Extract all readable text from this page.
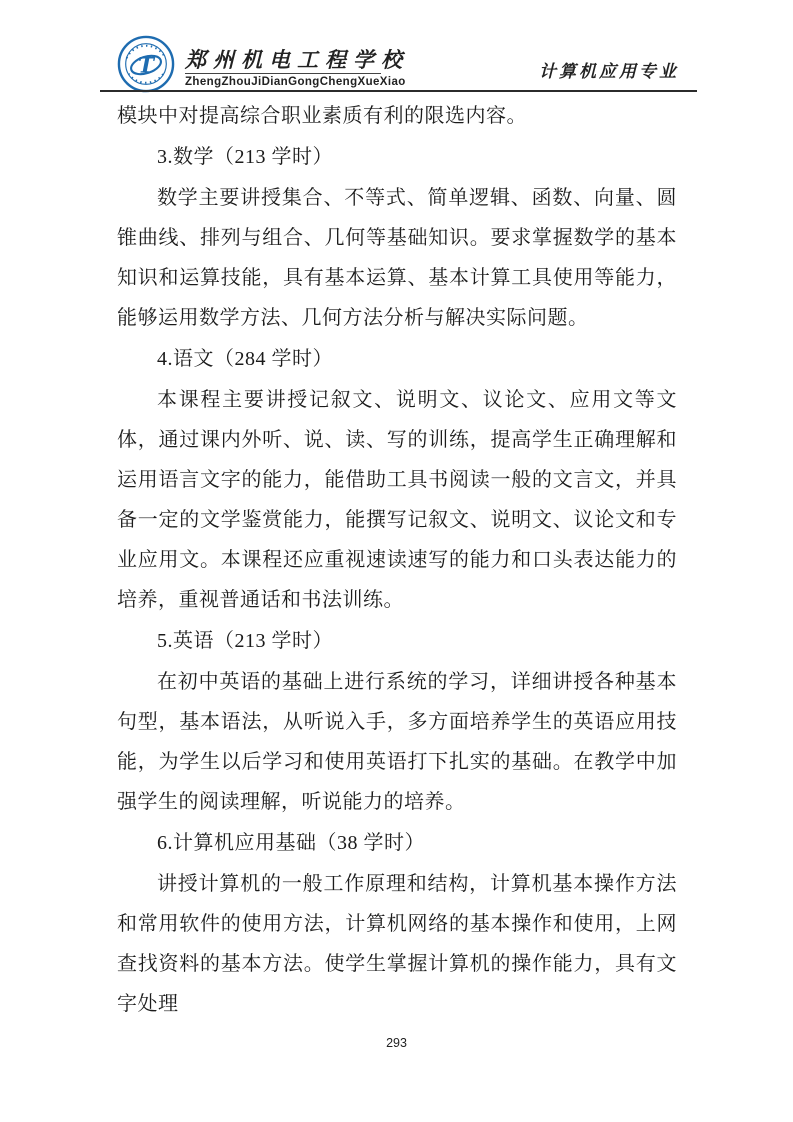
T 郑州机电工程学校
ZhengZhouJiDianGongChengXueXiao	计算机应用专业

模块中对提高综合职业素质有利的限选内容。

3.数学（213 学时）

数学主要讲授集合、不等式、简单逻辑、函数、向量、圆锥曲线、排列与组合、几何等基础知识。要求掌握数学的基本知识和运算技能，具有基本运算、基本计算工具使用等能力，能够运用数学方法、几何方法分析与解决实际问题。

4.语文（284 学时）

本课程主要讲授记叙文、说明文、议论文、应用文等文体，通过课内外听、说、读、写的训练，提高学生正确理解和运用语言文字的能力，能借助工具书阅读一般的文言文，并具备一定的文学鉴赏能力，能撰写记叙文、说明文、议论文和专业应用文。本课程还应重视速读速写的能力和口头表达能力的培养，重视普通话和书法训练。

5.英语（213 学时）

在初中英语的基础上进行系统的学习，详细讲授各种基本句型，基本语法，从听说入手，多方面培养学生的英语应用技能，为学生以后学习和使用英语打下扎实的基础。在教学中加强学生的阅读理解，听说能力的培养。

6.计算机应用基础（38 学时）

讲授计算机的一般工作原理和结构，计算机基本操作方法和常用软件的使用方法，计算机网络的基本操作和使用，上网查找资料的基本方法。使学生掌握计算机的操作能力，具有文字处理

293
